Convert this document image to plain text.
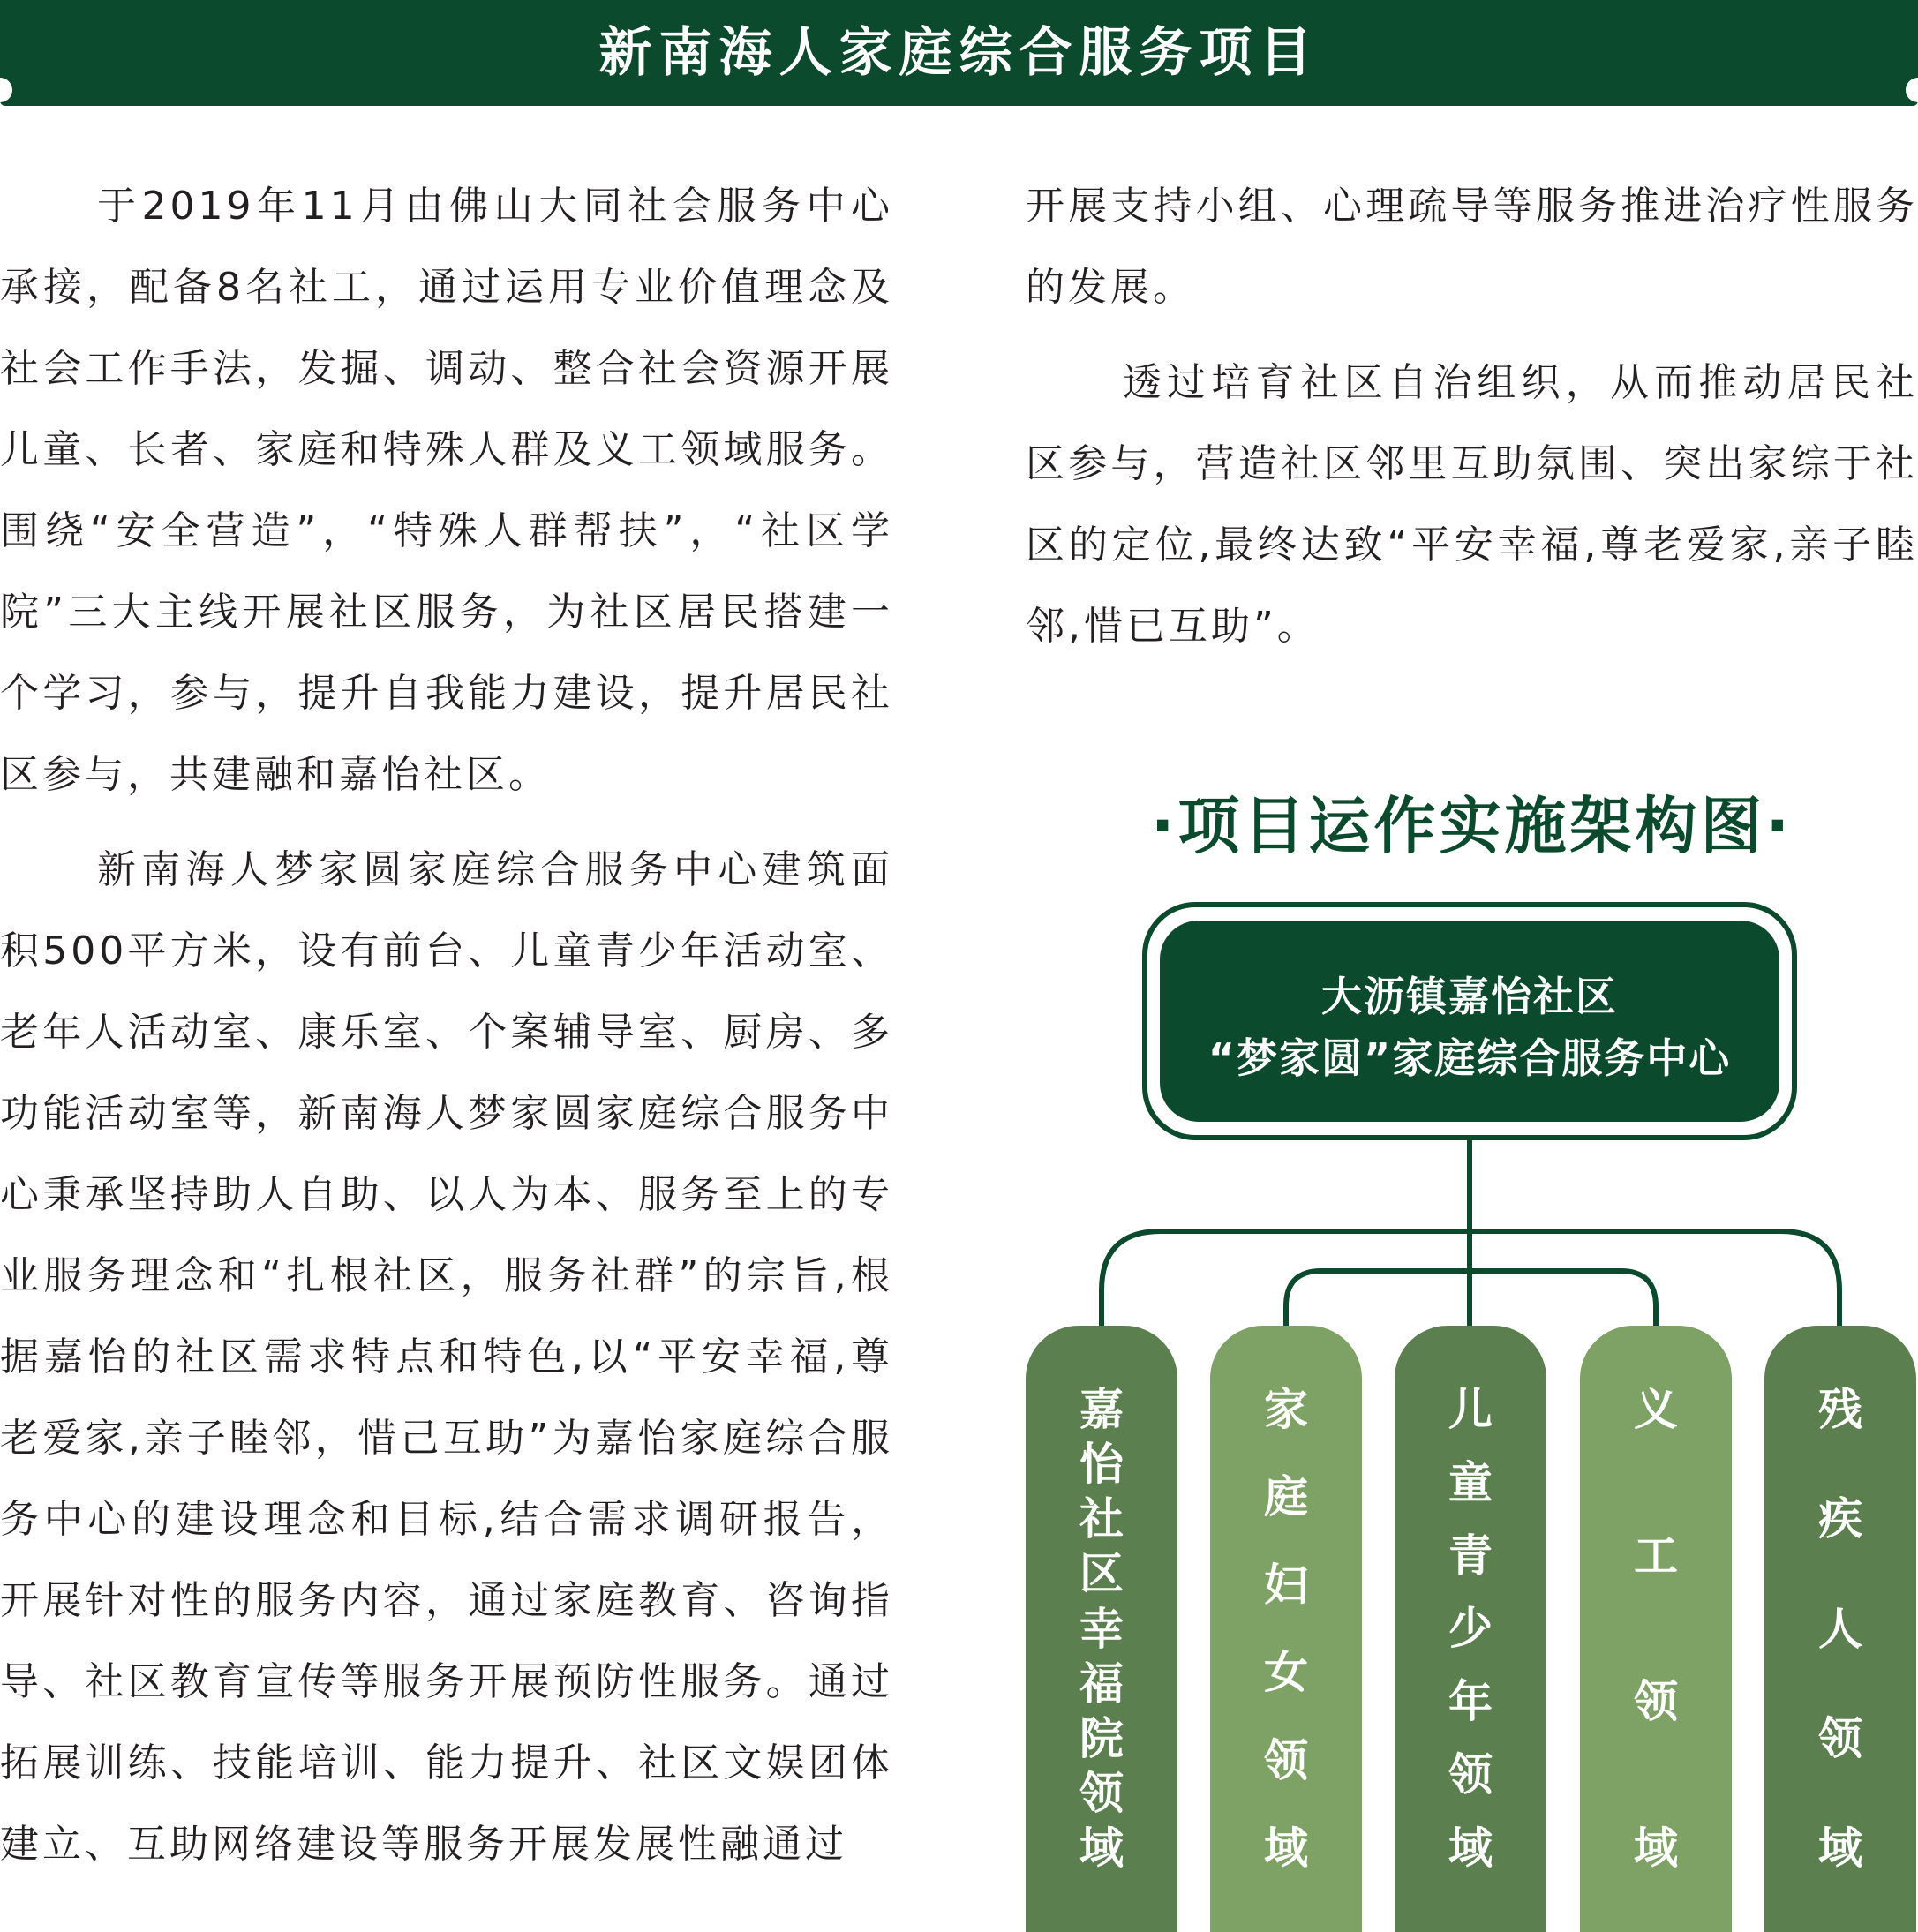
新南海人家庭综合服务项目

于2019年11月由佛山大同社会服务中心承接，配备8名社工，通过运用专业价值理念及社会工作手法，发掘、调动、整合社会资源开展儿童、长者、家庭和特殊人群及义工领域服务。围绕“安全营造”，“特殊人群帮扶”，“社区学院”三大主线开展社区服务，为社区居民搭建一个学习，参与，提升自我能力建设，提升居民社区参与，共建融和嘉怡社区。

新南海人梦家圆家庭综合服务中心建筑面积500平方米，设有前台、儿童青少年活动室、老年人活动室、康乐室、个案辅导室、厨房、多功能活动室等，新南海人梦家圆家庭综合服务中心秉承坚持助人自助、以人为本、服务至上的专业服务理念和“扎根社区，服务社群”的宗旨,根据嘉怡的社区需求特点和特色,以“平安幸福,尊老爱家,亲子睦邻，惜己互助”为嘉怡家庭综合服务中心的建设理念和目标,结合需求调研报告，开展针对性的服务内容，通过家庭教育、咨询指导、社区教育宣传等服务开展预防性服务。通过拓展训练、技能培训、能力提升、社区文娱团体建立、互助网络建设等服务开展发展性融通过

开展支持小组、心理疏导等服务推进治疗性服务的发展。

透过培育社区自治组织，从而推动居民社区参与，营造社区邻里互助氛围、突出家综于社区的定位,最终达致“平安幸福,尊老爱家,亲子睦邻,惜已互助”。

·项目运作实施架构图·
大沥镇嘉怡社区
“梦家圆”家庭综合服务中心
嘉
怡
社
区
幸
福
院
领
域
家
庭
妇
女
领
域
儿
童
青
少
年
领
域
义
工
领
域
残
疾
人
领
域
